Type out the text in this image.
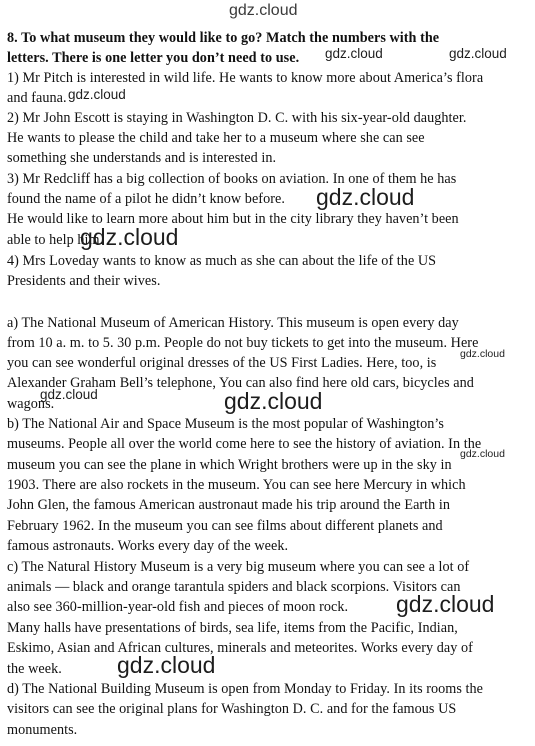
8. To what museum they would like to go? Match the numbers with the

letters. There is one letter you don’t need to use.

1) Mr Pitch is interested in wild life. He wants to know more about America’s flora

and fauna.

2) Mr John Escott is staying in Washington D. C. with his six-year-old daughter.

He wants to please the child and take her to a museum where she can see

something she understands and is interested in.

3) Mr Redcliff has a big collection of books on aviation. In one of them he has

found the name of a pilot he didn’t know before.

He would like to learn more about him but in the city library they haven’t been

able to help him.

4) Mrs Loveday wants to know as much as she can about the life of the US

Presidents and their wives.

a) The National Museum of American History. This museum is open every day

from 10 a. m. to 5. 30 p.m. People do not buy tickets to get into the museum. Here

you can see wonderful original dresses of the US First Ladies. Here, too, is

Alexander Graham Bell’s telephone, You can also find here old cars, bicycles and

wagons.

b) The National Air and Space Museum is the most popular of Washington’s

museums. People all over the world come here to see the history of aviation. In the

museum you can see the plane in which Wright brothers were up in the sky in

1903. There are also rockets in the museum. You can see here Mercury in which

John Glen, the famous American austronaut made his trip around the Earth in

February 1962. In the museum you can see films about different planets and

famous astronauts. Works every day of the week.

c) The Natural History Museum is a very big museum where you can see a lot of

animals — black and orange tarantula spiders and black scorpions. Visitors can

also see 360-million-year-old fish and pieces of moon rock.

Many halls have presentations of birds, sea life, items from the Pacific, Indian,

Eskimo, Asian and African cultures, minerals and meteorites. Works every day of

the week.

d) The National Building Museum is open from Monday to Friday. In its rooms the

visitors can see the original plans for Washington D. C. and for the famous US

monuments.

gdz.cloud
gdz.cloud	gdz.cloud
gdz.cloud
gdz.cloud
gdz.cloud
gdz.cloud
gdz.cloud	gdz.cloud
gdz.cloud
gdz.cloud
gdz.cloud
